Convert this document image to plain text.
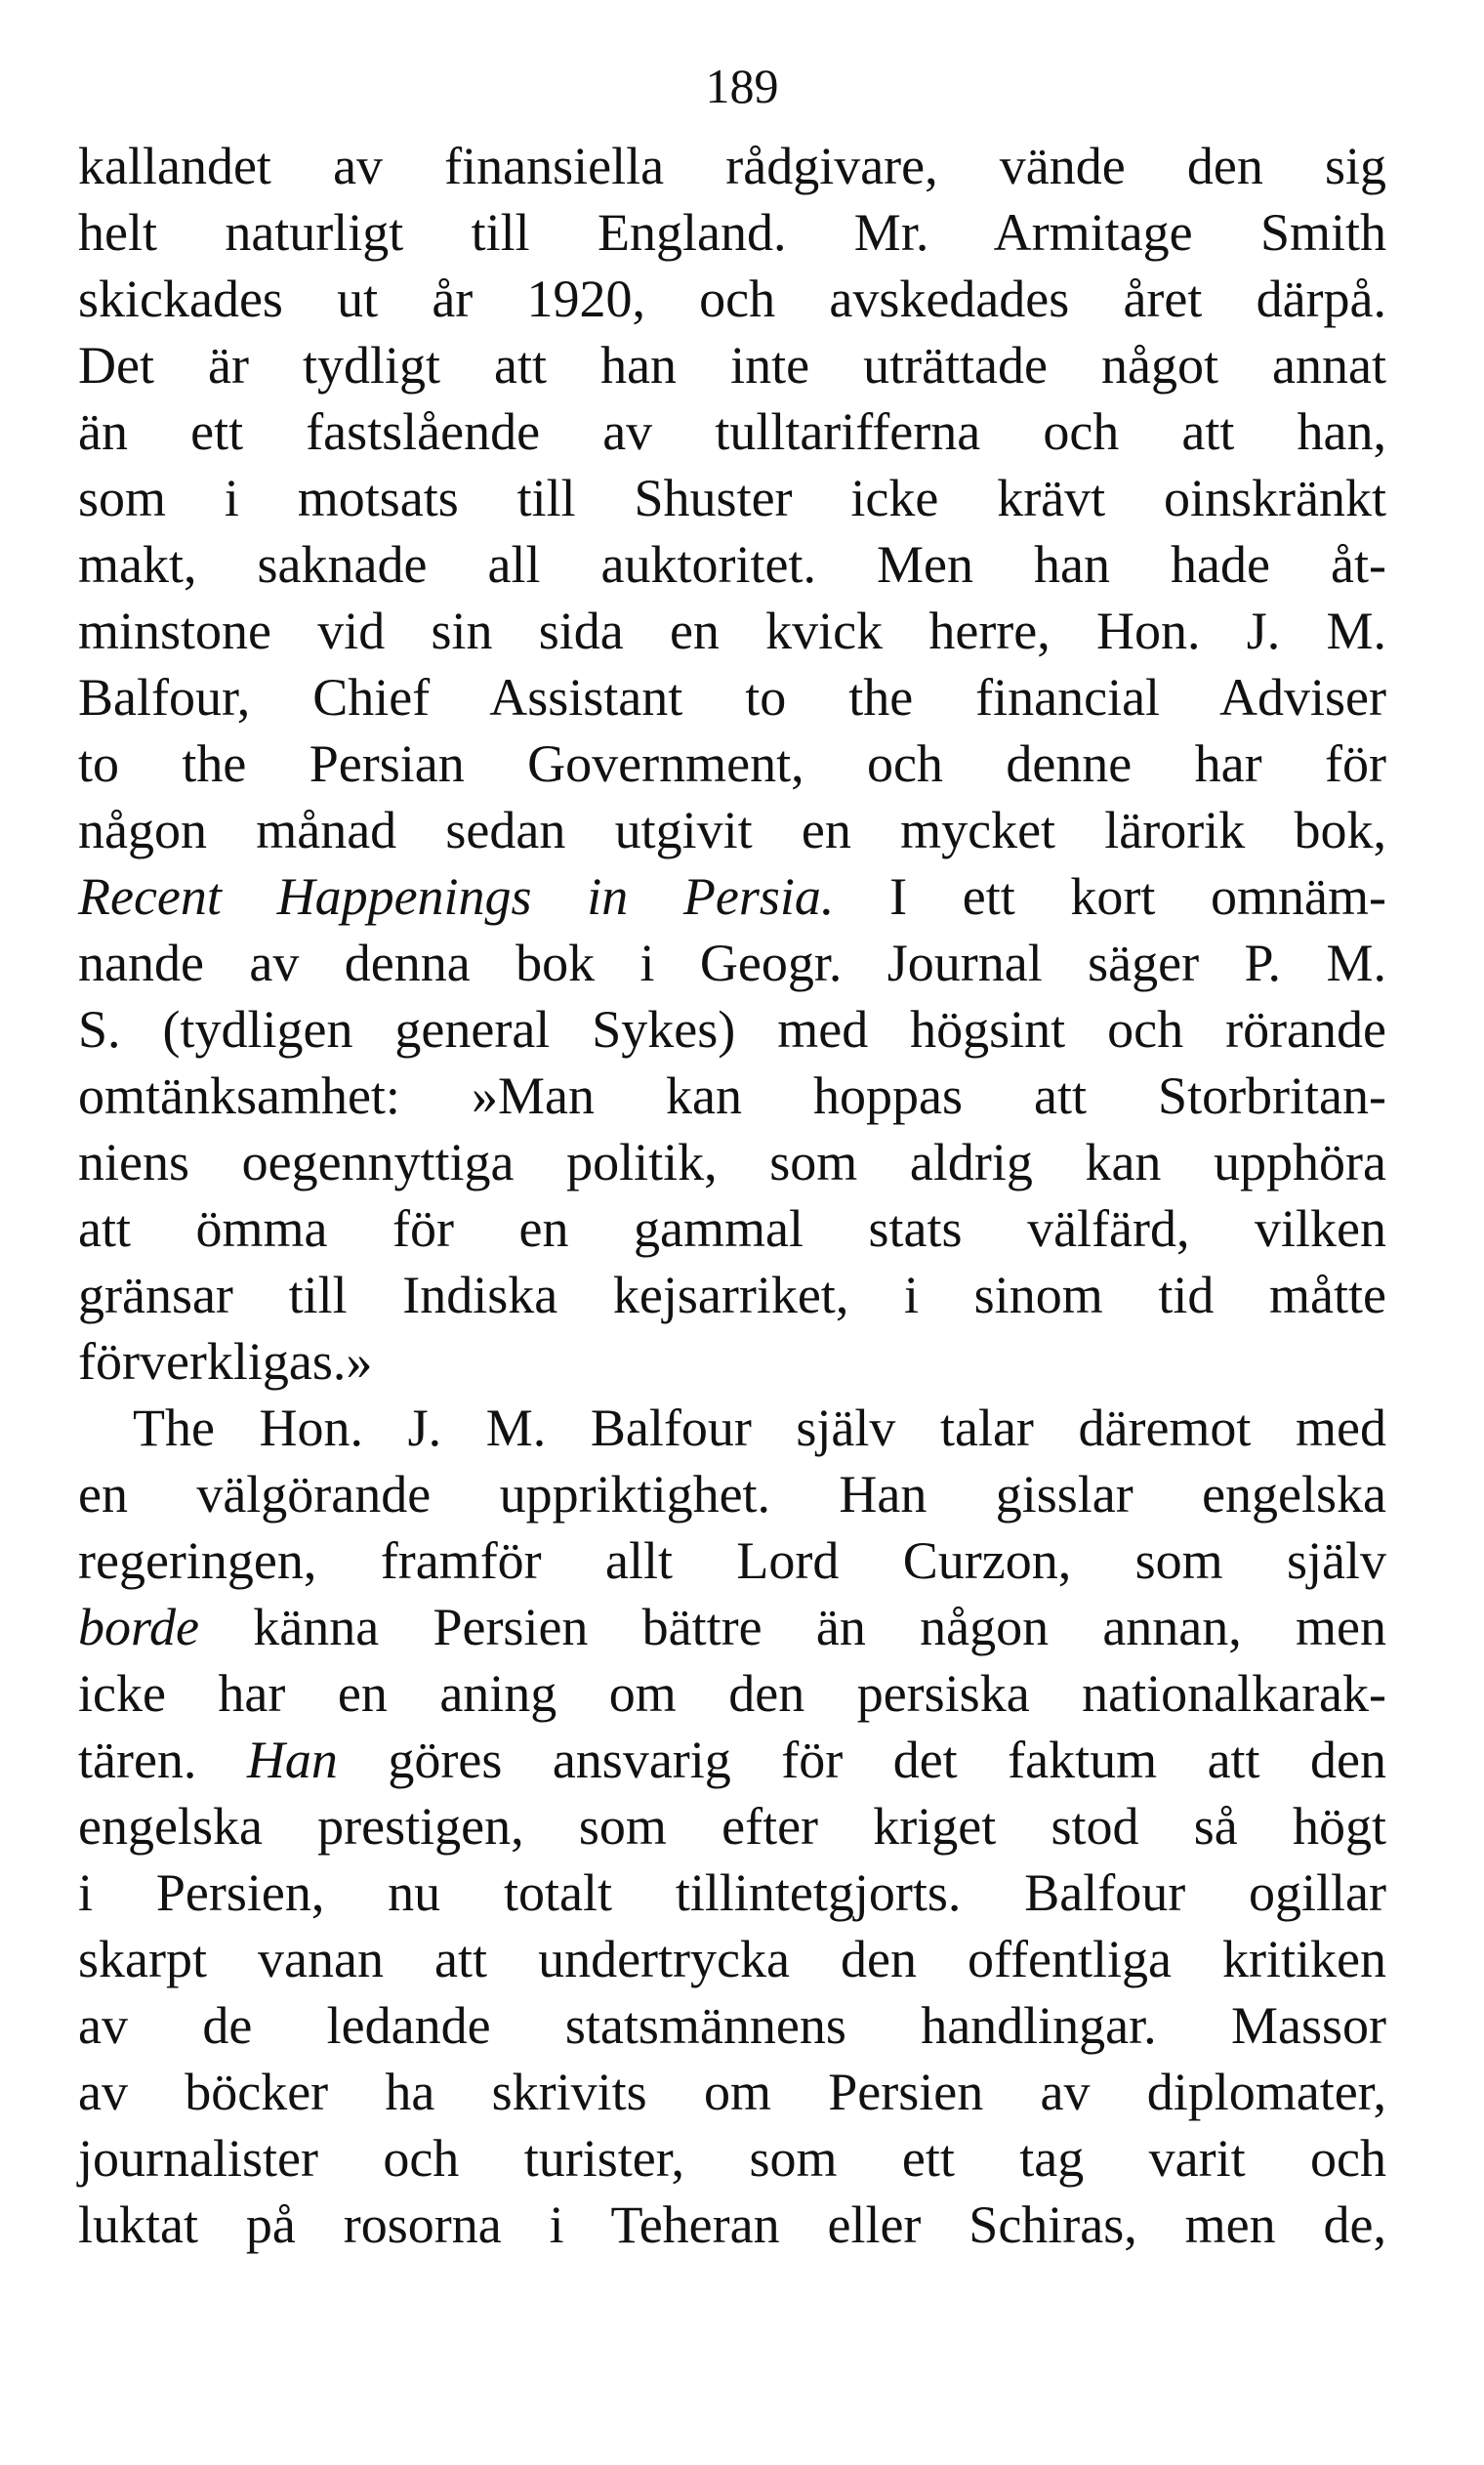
189
kallandet av finansiella rådgivare, vände den sig
helt naturligt till England. Mr. Armitage Smith
skickades ut år 1920, och avskedades året därpå.
Det är tydligt att han inte uträttade något annat
än ett fastslående av tulltarifferna och att han,
som i motsats till Shuster icke krävt oinskränkt
makt, saknade all auktoritet. Men han hade åt-
minstone vid sin sida en kvick herre, Hon. J. M.
Balfour, Chief Assistant to the financial Adviser
to the Persian Government, och denne har för
någon månad sedan utgivit en mycket lärorik bok,
Recent Happenings in Persia. I ett kort omnäm-
nande av denna bok i Geogr. Journal säger P. M.
S. (tydligen general Sykes) med högsint och rörande
omtänksamhet: »Man kan hoppas att Storbritan-
niens oegennyttiga politik, som aldrig kan upphöra
att ömma för en gammal stats välfärd, vilken
gränsar till Indiska kejsarriket, i sinom tid måtte
förverkligas.»
The Hon. J. M. Balfour själv talar däremot med
en välgörande uppriktighet. Han gisslar engelska
regeringen, framför allt Lord Curzon, som själv
borde känna Persien bättre än någon annan, men
icke har en aning om den persiska nationalkarak-
tären. Han göres ansvarig för det faktum att den
engelska prestigen, som efter kriget stod så högt
i Persien, nu totalt tillintetgjorts. Balfour ogillar
skarpt vanan att undertrycka den offentliga kritiken
av de ledande statsmännens handlingar. Massor
av böcker ha skrivits om Persien av diplomater,
journalister och turister, som ett tag varit och
luktat på rosorna i Teheran eller Schiras, men de,
